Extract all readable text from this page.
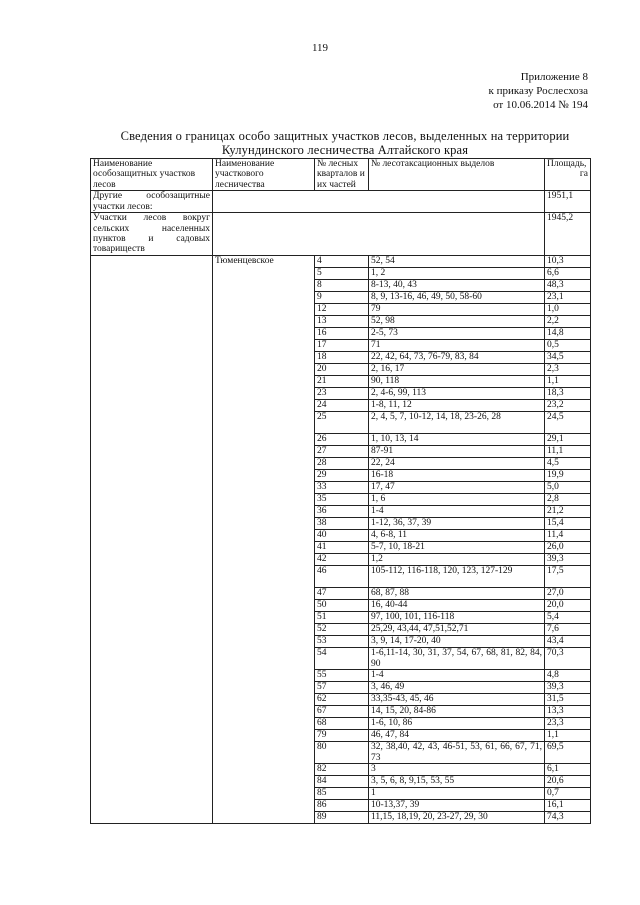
119
Приложение 8
к приказу Рослесхоза
от 10.06.2014 № 194
Сведения о границах особо защитных участков лесов, выделенных на территории
Кулундинского лесничества Алтайского края
Наименование особозащитных участков лесов	Наименование участкового лесничества	№ лесных кварталов и их частей	№ лесотаксационных выделов	Площадь,
га

Другие особозащитные участки лесов:				1951,1
Участки лесов вокруг сельских населенных пунктов и садовых товариществ				1945,2
	Тюменцевское	4	52, 54	10,3
		5	1, 2	6,6
		8	8-13, 40, 43	48,3
		9	8, 9, 13-16, 46, 49, 50, 58-60	23,1
		12	79	1,0
		13	52, 98	2,2
		16	2-5, 73	14,8
		17	71	0,5
		18	22, 42, 64, 73, 76-79, 83, 84	34,5
		20	2, 16, 17	2,3
		21	90, 118	1,1
		23	2, 4-6, 99, 113	18,3
		24	1-8, 11, 12	23,2
		25	2, 4, 5, 7, 10-12, 14, 18, 23-26, 28	24,5
		26	1, 10, 13, 14	29,1
		27	87-91	11,1
		28	22, 24	4,5
		29	16-18	19,9
		33	17, 47	5,0
		35	1, 6	2,8
		36	1-4	21,2
		38	1-12, 36, 37, 39	15,4
		40	4, 6-8, 11	11,4
		41	5-7, 10, 18-21	26,0
		42	1,2	39,3
		46	105-112, 116-118, 120, 123, 127-129	17,5
		47	68, 87, 88	27,0
		50	16, 40-44	20,0
		51	97, 100, 101, 116-118	5,4
		52	25,29, 43,44, 47,51,52,71	7,6
		53	3, 9, 14, 17-20, 40	43,4
		54	1-6,11-14, 30, 31, 37, 54, 67, 68, 81, 82, 84, 90	70,3
		55	1-4	4,8
		57	3, 46, 49	39,3
		62	33,35-43, 45, 46	31,5
		67	14, 15, 20, 84-86	13,3
		68	1-6, 10, 86	23,3
		79	46, 47, 84	1,1
		80	32, 38,40, 42, 43, 46-51, 53, 61, 66, 67, 71, 73	69,5
		82	3	6,1
		84	3, 5, 6, 8, 9,15, 53, 55	20,6
		85	1	0,7
		86	10-13,37, 39	16,1
		89	11,15, 18,19, 20, 23-27, 29, 30	74,3
